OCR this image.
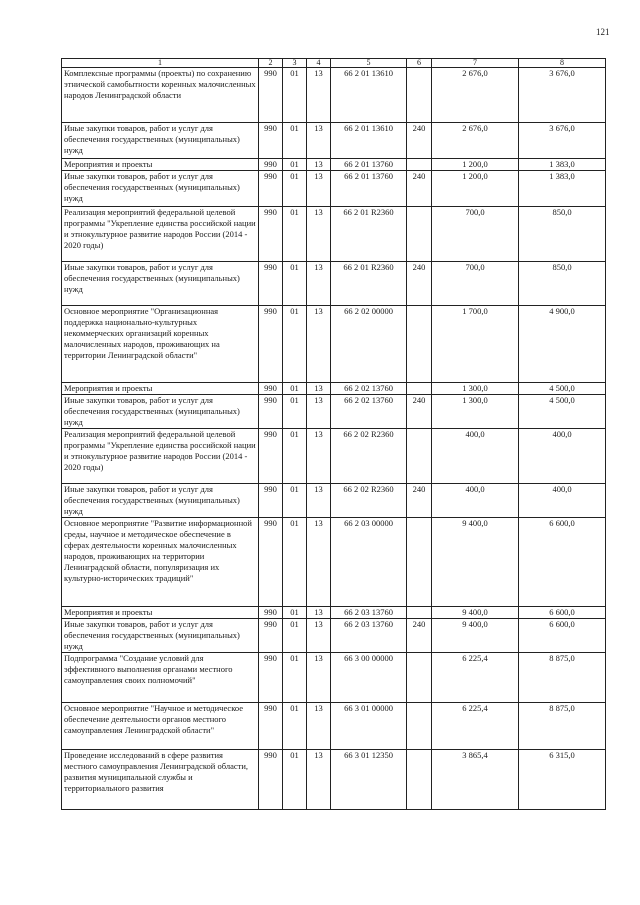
121
1	2	3	4	5	6	7	8
Комплексные программы (проекты) по сохранению этнической самобытности коренных малочисленных народов Ленинградской области	990	01	13	66 2 01 13610		2 676,0	3 676,0
Иные закупки товаров, работ и услуг для обеспечения государственных (муниципальных) нужд	990	01	13	66 2 01 13610	240	2 676,0	3 676,0
Мероприятия и проекты	990	01	13	66 2 01 13760		1 200,0	1 383,0
Иные закупки товаров, работ и услуг для обеспечения государственных (муниципальных) нужд	990	01	13	66 2 01 13760	240	1 200,0	1 383,0
Реализация мероприятий федеральной целевой программы "Укрепление единства российской нации и этнокультурное развитие народов России (2014 - 2020 годы)	990	01	13	66 2 01 R2360		700,0	850,0
Иные закупки товаров, работ и услуг для обеспечения государственных (муниципальных) нужд	990	01	13	66 2 01 R2360	240	700,0	850,0
Основное мероприятие "Организационная поддержка национально-культурных некоммерческих организаций коренных малочисленных народов, проживающих на территории Ленинградской области"	990	01	13	66 2 02 00000		1 700,0	4 900,0
Мероприятия и проекты	990	01	13	66 2 02 13760		1 300,0	4 500,0
Иные закупки товаров, работ и услуг для обеспечения государственных (муниципальных) нужд	990	01	13	66 2 02 13760	240	1 300,0	4 500,0
Реализация мероприятий федеральной целевой программы "Укрепление единства российской нации и этнокультурное развитие народов России (2014 - 2020 годы)	990	01	13	66 2 02 R2360		400,0	400,0
Иные закупки товаров, работ и услуг для обеспечения государственных (муниципальных) нужд	990	01	13	66 2 02 R2360	240	400,0	400,0
Основное мероприятие "Развитие информационной среды, научное и методическое обеспечение в сферах деятельности коренных малочисленных народов, проживающих на территории Ленинградской области, популяризация их культурно-исторических традиций"	990	01	13	66 2 03 00000		9 400,0	6 600,0
Мероприятия и проекты	990	01	13	66 2 03 13760		9 400,0	6 600,0
Иные закупки товаров, работ и услуг для обеспечения государственных (муниципальных) нужд	990	01	13	66 2 03 13760	240	9 400,0	6 600,0
Подпрограмма "Создание условий для эффективного выполнения органами местного самоуправления своих полномочий"	990	01	13	66 3 00 00000		6 225,4	8 875,0
Основное мероприятие "Научное и методическое обеспечение деятельности органов местного самоуправления Ленинградской области"	990	01	13	66 3 01 00000		6 225,4	8 875,0
Проведение исследований в сфере развития местного самоуправления Ленинградской области, развития муниципальной службы и территориального развития	990	01	13	66 3 01 12350		3 865,4	6 315,0
